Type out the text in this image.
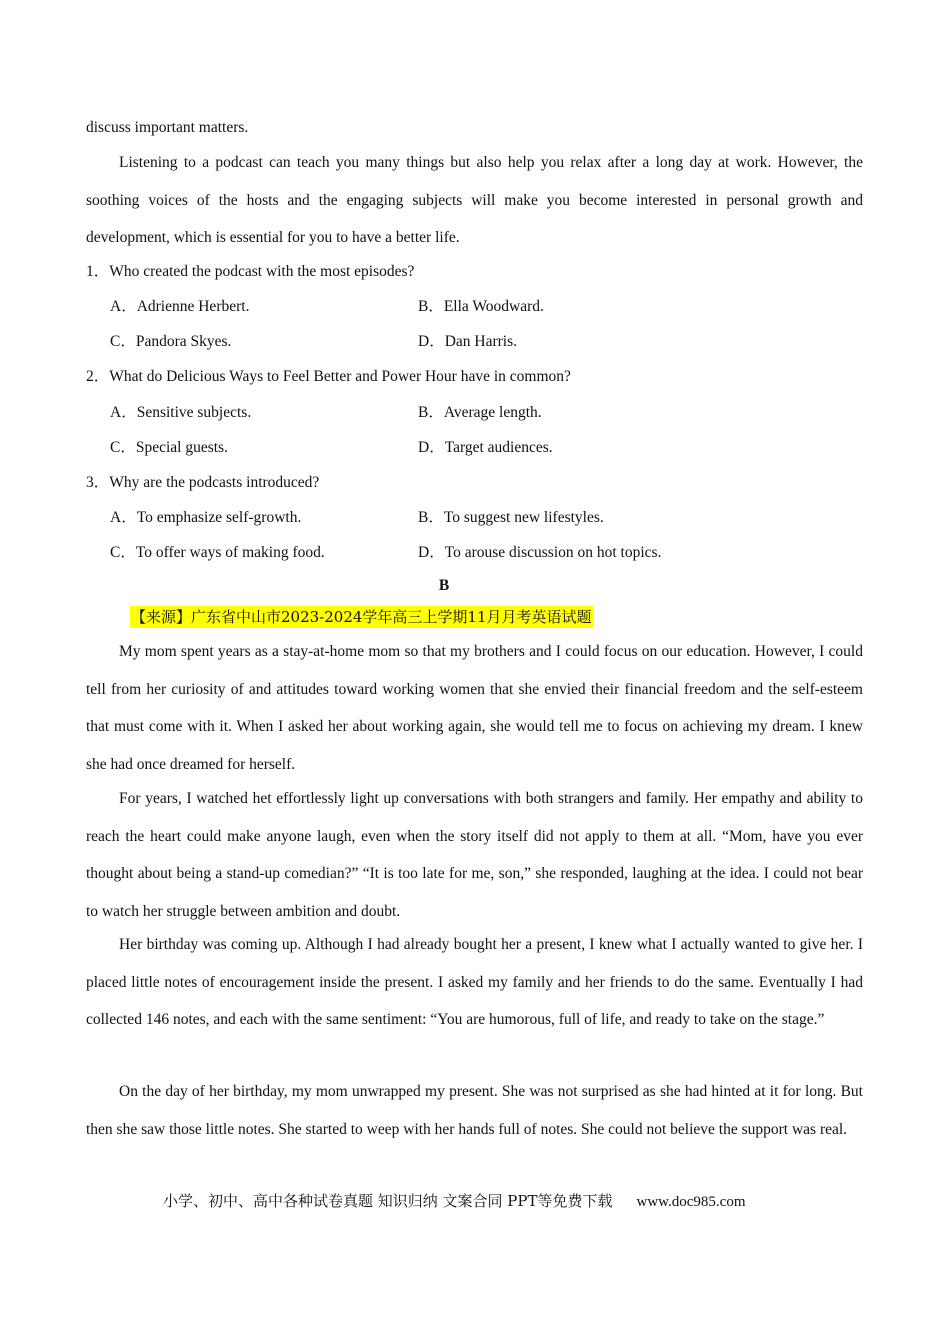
discuss important matters.

Listening to a podcast can teach you many things but also help you relax after a long day at work. However, the soothing voices of the hosts and the engaging subjects will make you become interested in personal growth and development, which is essential for you to have a better life.

1．Who created the podcast with the most episodes?
A．Adrienne Herbert.	B．Ella Woodward.
C．Pandora Skyes.	D．Dan Harris.
2．What do Delicious Ways to Feel Better and Power Hour have in common?
A．Sensitive subjects.	B．Average length.
C．Special guests.	D．Target audiences.
3．Why are the podcasts introduced?
A．To emphasize self-growth.	B．To suggest new lifestyles.
C．To offer ways of making food.	D．To arouse discussion on hot topics.
B
【来源】广东省中山市2023-2024学年高三上学期11月月考英语试题

My mom spent years as a stay-at-home mom so that my brothers and I could focus on our education. However, I could tell from her curiosity of and attitudes toward working women that she envied their financial freedom and the self-esteem that must come with it. When I asked her about working again, she would tell me to focus on achieving my dream. I knew she had once dreamed for herself.

For years, I watched het effortlessly light up conversations with both strangers and family. Her empathy and ability to reach the heart could make anyone laugh, even when the story itself did not apply to them at all. “Mom, have you ever thought about being a stand-up comedian?” “It is too late for me, son,” she responded, laughing at the idea. I could not bear to watch her struggle between ambition and doubt.

Her birthday was coming up. Although I had already bought her a present, I knew what I actually wanted to give her. I placed little notes of encouragement inside the present. I asked my family and her friends to do the same. Eventually I had collected 146 notes, and each with the same sentiment: “You are humorous, full of life, and ready to take on the stage.”

On the day of her birthday, my mom unwrapped my present. She was not surprised as she had hinted at it for long. But then she saw those little notes. She started to weep with her hands full of notes. She could not believe the support was real.

小学、初中、高中各种试卷真题 知识归纳 文案合同 PPT等免费下载 www.doc985.com
